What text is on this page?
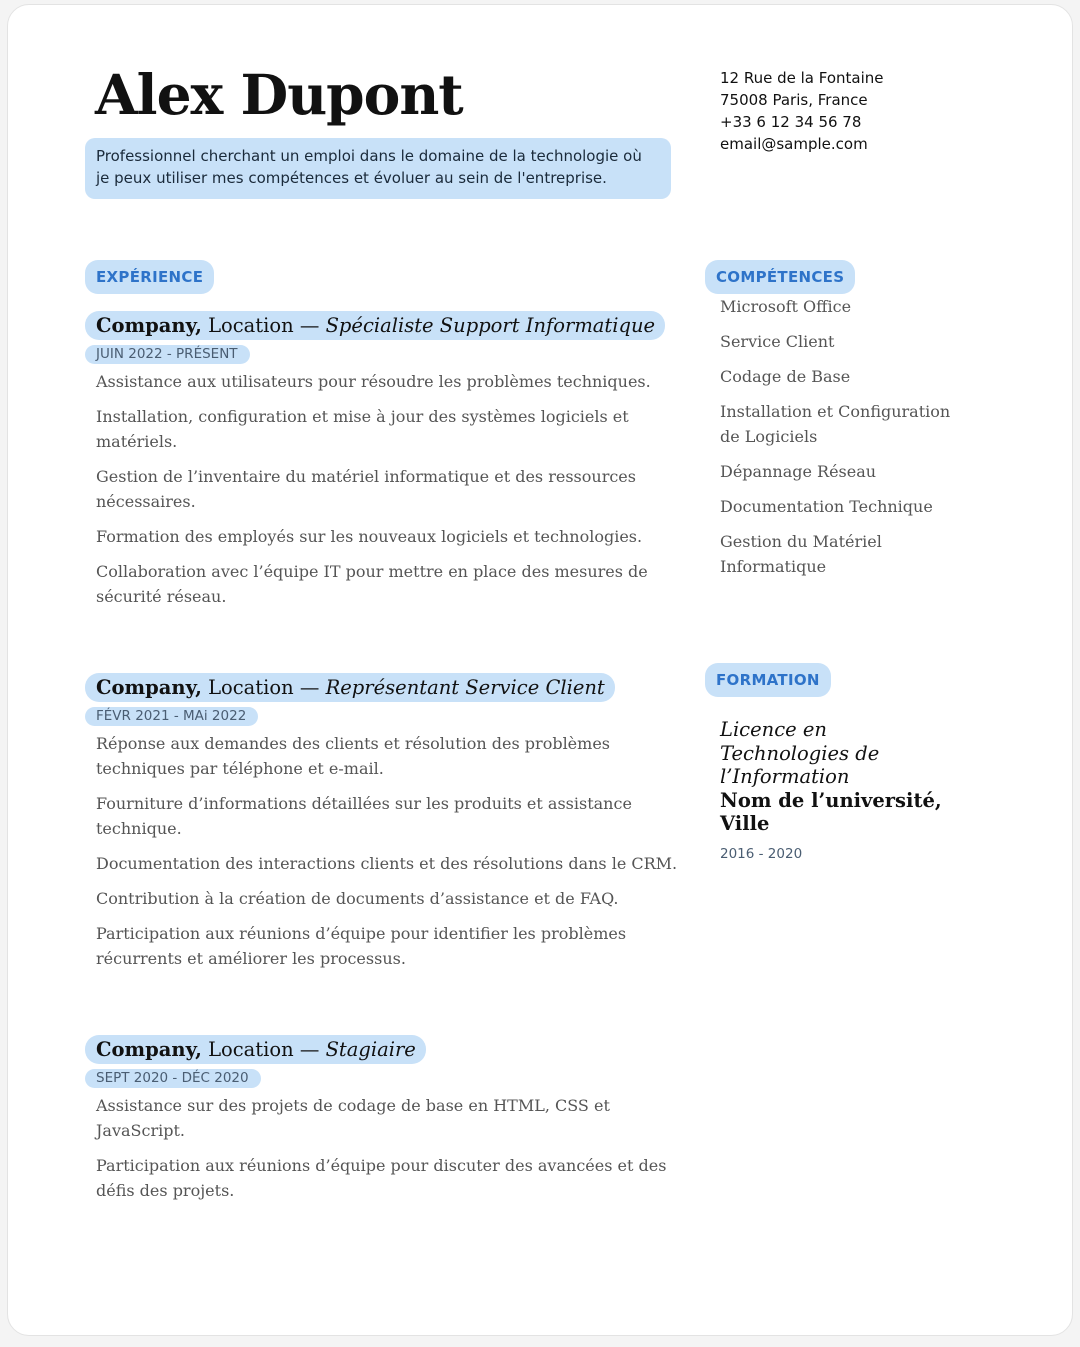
Alex Dupont
Professionnel cherchant un emploi dans le domaine de la technologie où je peux utiliser mes compétences et évoluer au sein de l'entreprise.
12 Rue de la Fontaine
75008 Paris, France
+33 6 12 34 56 78
email@sample.com
EXPÉRIENCE
Company, Location — Spécialiste Support Informatique
JUIN 2022 - PRÉSENT
Assistance aux utilisateurs pour résoudre les problèmes techniques.
Installation, configuration et mise à jour des systèmes logiciels et matériels.
Gestion de l’inventaire du matériel informatique et des ressources nécessaires.
Formation des employés sur les nouveaux logiciels et technologies.
Collaboration avec l’équipe IT pour mettre en place des mesures de sécurité réseau.
Company, Location — Représentant Service Client
FÉVR 2021 - MAi 2022
Réponse aux demandes des clients et résolution des problèmes techniques par téléphone et e-mail.
Fourniture d’informations détaillées sur les produits et assistance technique.
Documentation des interactions clients et des résolutions dans le CRM.
Contribution à la création de documents d’assistance et de FAQ.
Participation aux réunions d’équipe pour identifier les problèmes récurrents et améliorer les processus.
Company, Location — Stagiaire
SEPT 2020 - DÉC 2020
Assistance sur des projets de codage de base en HTML, CSS et JavaScript.
Participation aux réunions d’équipe pour discuter des avancées et des défis des projets.
COMPÉTENCES
Microsoft Office
Service Client
Codage de Base
Installation et Configuration de Logiciels
Dépannage Réseau
Documentation Technique
Gestion du Matériel Informatique
FORMATION
Licence en Technologies de l’Information
Nom de l’université, Ville
2016 - 2020
